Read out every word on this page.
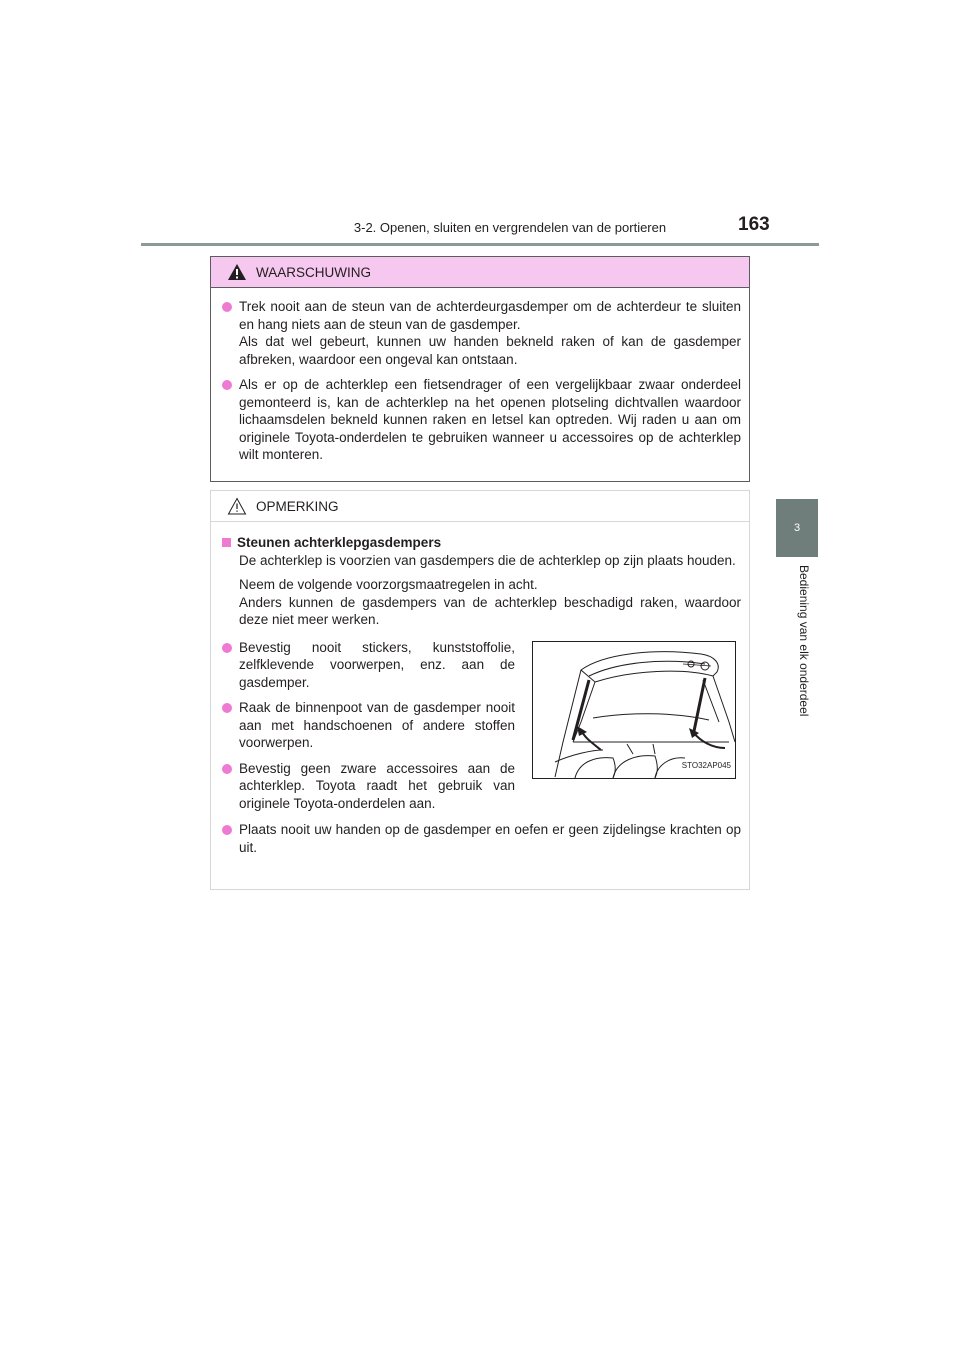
3-2. Openen, sluiten en vergrendelen van de portieren	163
3
Bediening van elk onderdeel
WAARSCHUWING

Trek nooit aan de steun van de achterdeurgasdemper om de achterdeur te sluiten en hang niets aan de steun van de gasdemper.

Als dat wel gebeurt, kunnen uw handen bekneld raken of kan de gasdemper afbreken, waardoor een ongeval kan ontstaan.

Als er op de achterklep een fietsendrager of een vergelijkbaar zwaar onderdeel gemonteerd is, kan de achterklep na het openen plotseling dichtvallen waardoor lichaamsdelen bekneld kunnen raken en letsel kan optreden. Wij raden u aan om originele Toyota-onderdelen te gebruiken wanneer u accessoires op de achterklep wilt monteren.

OPMERKING
Steunen achterklepgasdempers

De achterklep is voorzien van gasdempers die de achterklep op zijn plaats houden.

Neem de volgende voorzorgsmaatregelen in acht.

Anders kunnen de gasdempers van de achterklep beschadigd raken, waardoor deze niet meer werken.

Bevestig nooit stickers, kunststoffolie, zelfklevende voorwerpen, enz. aan de gasdemper.

Raak de binnenpoot van de gasdemper nooit aan met handschoenen of andere stoffen voorwerpen.

Bevestig geen zware accessoires aan de achterklep. Toyota raadt het gebruik van originele Toyota-onderdelen aan.

STO32AP045

Plaats nooit uw handen op de gasdemper en oefen er geen zijdelingse krachten op uit.
